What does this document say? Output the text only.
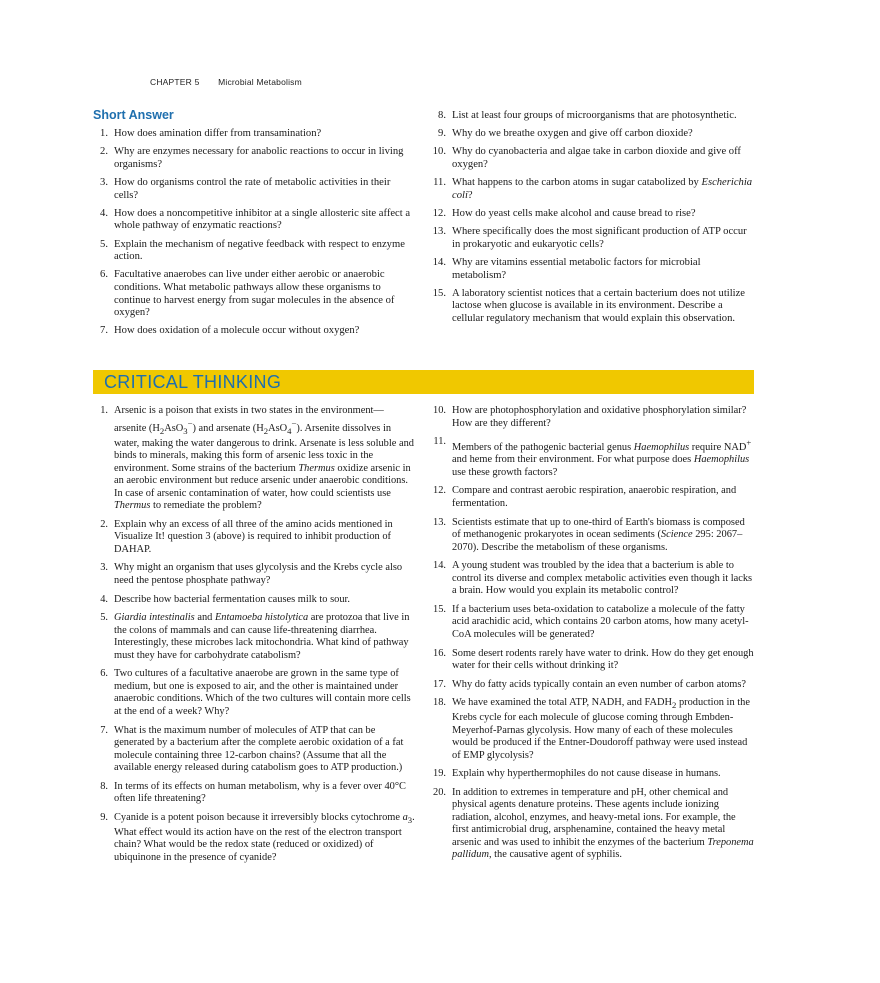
CHAPTER 5 Microbial Metabolism
Short Answer
1. How does amination differ from transamination?
2. Why are enzymes necessary for anabolic reactions to occur in living organisms?
3. How do organisms control the rate of metabolic activities in their cells?
4. How does a noncompetitive inhibitor at a single allosteric site affect a whole pathway of enzymatic reactions?
5. Explain the mechanism of negative feedback with respect to enzyme action.
6. Facultative anaerobes can live under either aerobic or anaerobic conditions. What metabolic pathways allow these organisms to continue to harvest energy from sugar molecules in the absence of oxygen?
7. How does oxidation of a molecule occur without oxygen?
8. List at least four groups of microorganisms that are photosynthetic.
9. Why do we breathe oxygen and give off carbon dioxide?
10. Why do cyanobacteria and algae take in carbon dioxide and give off oxygen?
11. What happens to the carbon atoms in sugar catabolized by Escherichia coli?
12. How do yeast cells make alcohol and cause bread to rise?
13. Where specifically does the most significant production of ATP occur in prokaryotic and eukaryotic cells?
14. Why are vitamins essential metabolic factors for microbial metabolism?
15. A laboratory scientist notices that a certain bacterium does not utilize lactose when glucose is available in its environment. Describe a cellular regulatory mechanism that would explain this observation.
CRITICAL THINKING
1. Arsenic is a poison that exists in two states in the environment—arsenite $(H_2AsO_3^-)$ and arsenate $(H_2AsO_4^-)$. Arsenite dissolves in water, making the water dangerous to drink. Arsenate is less soluble and binds to minerals, making this form of arsenic less toxic in the environment. Some strains of the bacterium Thermus oxidize arsenic in an aerobic environment but reduce arsenic under anaerobic conditions. In case of arsenic contamination of water, how could scientists use Thermus to remediate the problem?
2. Explain why an excess of all three of the amino acids mentioned in Visualize It! question 3 (above) is required to inhibit production of DAHAP.
3. Why might an organism that uses glycolysis and the Krebs cycle also need the pentose phosphate pathway?
4. Describe how bacterial fermentation causes milk to sour.
5. Giardia intestinalis and Entamoeba histolytica are protozoa that live in the colons of mammals and can cause life-threatening diarrhea. Interestingly, these microbes lack mitochondria. What kind of pathway must they have for carbohydrate catabolism?
6. Two cultures of a facultative anaerobe are grown in the same type of medium, but one is exposed to air, and the other is maintained under anaerobic conditions. Which of the two cultures will contain more cells at the end of a week? Why?
7. What is the maximum number of molecules of ATP that can be generated by a bacterium after the complete aerobic oxidation of a fat molecule containing three 12-carbon chains? (Assume that all the available energy released during catabolism goes to ATP production.)
8. In terms of its effects on human metabolism, why is a fever over 40°C often life threatening?
9. Cyanide is a potent poison because it irreversibly blocks cytochrome $a_3$. What effect would its action have on the rest of the electron transport chain? What would be the redox state (reduced or oxidized) of ubiquinone in the presence of cyanide?
10. How are photophosphorylation and oxidative phosphorylation similar? How are they different?
11. Members of the pathogenic bacterial genus Haemophilus require NAD+ and heme from their environment. For what purpose does Haemophilus use these growth factors?
12. Compare and contrast aerobic respiration, anaerobic respiration, and fermentation.
13. Scientists estimate that up to one-third of Earth's biomass is composed of methanogenic prokaryotes in ocean sediments (Science 295: 2067–2070). Describe the metabolism of these organisms.
14. A young student was troubled by the idea that a bacterium is able to control its diverse and complex metabolic activities even though it lacks a brain. How would you explain its metabolic control?
15. If a bacterium uses beta-oxidation to catabolize a molecule of the fatty acid arachidic acid, which contains 20 carbon atoms, how many acetyl-CoA molecules will be generated?
16. Some desert rodents rarely have water to drink. How do they get enough water for their cells without drinking it?
17. Why do fatty acids typically contain an even number of carbon atoms?
18. We have examined the total ATP, NADH, and $FADH_2$ production in the Krebs cycle for each molecule of glucose coming through Embden-Meyerhof-Parnas glycolysis. How many of each of these molecules would be produced if the Entner-Doudoroff pathway were used instead of EMP glycolysis?
19. Explain why hyperthermophiles do not cause disease in humans.
20. In addition to extremes in temperature and pH, other chemical and physical agents denature proteins. These agents include ionizing radiation, alcohol, enzymes, and heavy-metal ions. For example, the first antimicrobial drug, arsphenamine, contained the heavy metal arsenic and was used to inhibit the enzymes of the bacterium Treponema pallidum, the causative agent of syphilis.
